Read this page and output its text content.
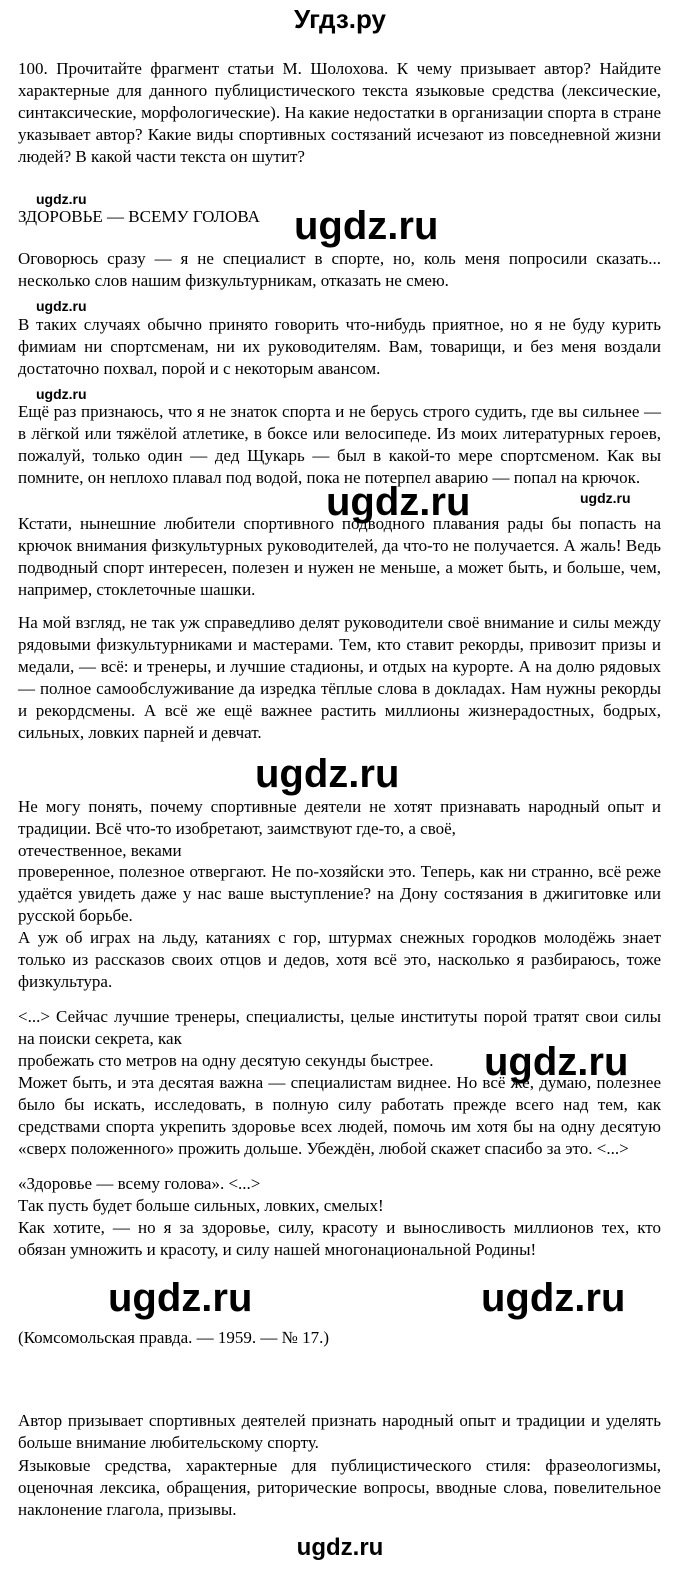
Угдз.ру

100. Прочитайте фрагмент статьи М. Шолохова. К чему призывает автор? Найдите характерные для данного публицистического текста языковые средства (лексические, синтаксические, морфологические). На какие недостатки в организации спорта в стране указывает автор? Какие виды спортивных состязаний исчезают из повседневной жизни людей? В какой части текста он шутит?

ugdz.ru
ЗДОРОВЬЕ — ВСЕМУ ГОЛОВА ugdz.ru

Оговорюсь сразу — я не специалист в спорте, но, коль меня попросили сказать... несколько слов нашим физкультурникам, отказать не смею.

ugdz.ru

В таких случаях обычно принято говорить что-нибудь приятное, но я не буду курить фимиам ни спортсменам, ни их руководителям. Вам, товарищи, и без меня воздали достаточно похвал, порой и с некоторым авансом.

ugdz.ru

Ещё раз признаюсь, что я не знаток спорта и не берусь строго судить, где вы сильнее — в лёгкой или тяжёлой атлетике, в боксе или велосипеде. Из моих литературных героев, пожалуй, только один — дед Щукарь — был в какой-то мере спортсменом. Как вы помните, он неплохо плавал под водой, пока не потерпел аварию — попал на крючок.

ugdz.ru	ugdz.ru

Кстати, нынешние любители спортивного подводного плавания рады бы попасть на крючок внимания физкультурных руководителей, да что-то не получается. А жаль! Ведь подводный спорт интересен, полезен и нужен не меньше, а может быть, и больше, чем, например, стоклеточные шашки.

На мой взгляд, не так уж справедливо делят руководители своё внимание и силы между рядовыми физкультурниками и мастерами. Тем, кто ставит рекорды, привозит призы и медали, — всё: и тренеры, и лучшие стадионы, и отдых на курорте. А на долю рядовых — полное самообслуживание да изредка тёплые слова в докладах. Нам нужны рекорды и рекордсмены. А всё же ещё важнее растить миллионы жизнерадостных, бодрых, сильных, ловких парней и девчат.

ugdz.ru

Не могу понять, почему спортивные деятели не хотят признавать народный опыт и традиции. Всё что-то изобретают, заимствуют где-то, а своё,

отечественное, веками

проверенное, полезное отвергают. Не по-хозяйски это. Теперь, как ни странно, всё реже удаётся увидеть даже у нас ваше выступление? на Дону состязания в джигитовке или русской борьбе.

А уж об играх на льду, катаниях с гор, штурмах снежных городков молодёжь знает только из рассказов своих отцов и дедов, хотя всё это, насколько я разбираюсь, тоже физкультура.

<...> Сейчас лучшие тренеры, специалисты, целые институты порой тратят свои силы на поиски секрета, как

пробежать сто метров на одну десятую секунды быстрее.	ugdz.ru

Может быть, и эта десятая важна — специалистам виднее. Но всё же, думаю, полезнее было бы искать, исследовать, в полную силу работать прежде всего над тем, как средствами спорта укрепить здоровье всех людей, помочь им хотя бы на одну десятую «сверх положенного» прожить дольше. Убеждён, любой скажет спасибо за это. <...>

«Здоровье — всему голова». <...>

Так пусть будет больше сильных, ловких, смелых!

Как хотите, — но я за здоровье, силу, красоту и выносливость миллионов тех, кто обязан умножить и красоту, и силу нашей многонациональной Родины!

ugdz.ru	ugdz.ru

(Комсомольская правда. — 1959. — № 17.)

Автор призывает спортивных деятелей признать народный опыт и традиции и уделять больше внимание любительскому спорту.

Языковые средства, характерные для публицистического стиля: фразеологизмы, оценочная лексика, обращения, риторические вопросы, вводные слова, повелительное наклонение глагола, призывы.

ugdz.ru
